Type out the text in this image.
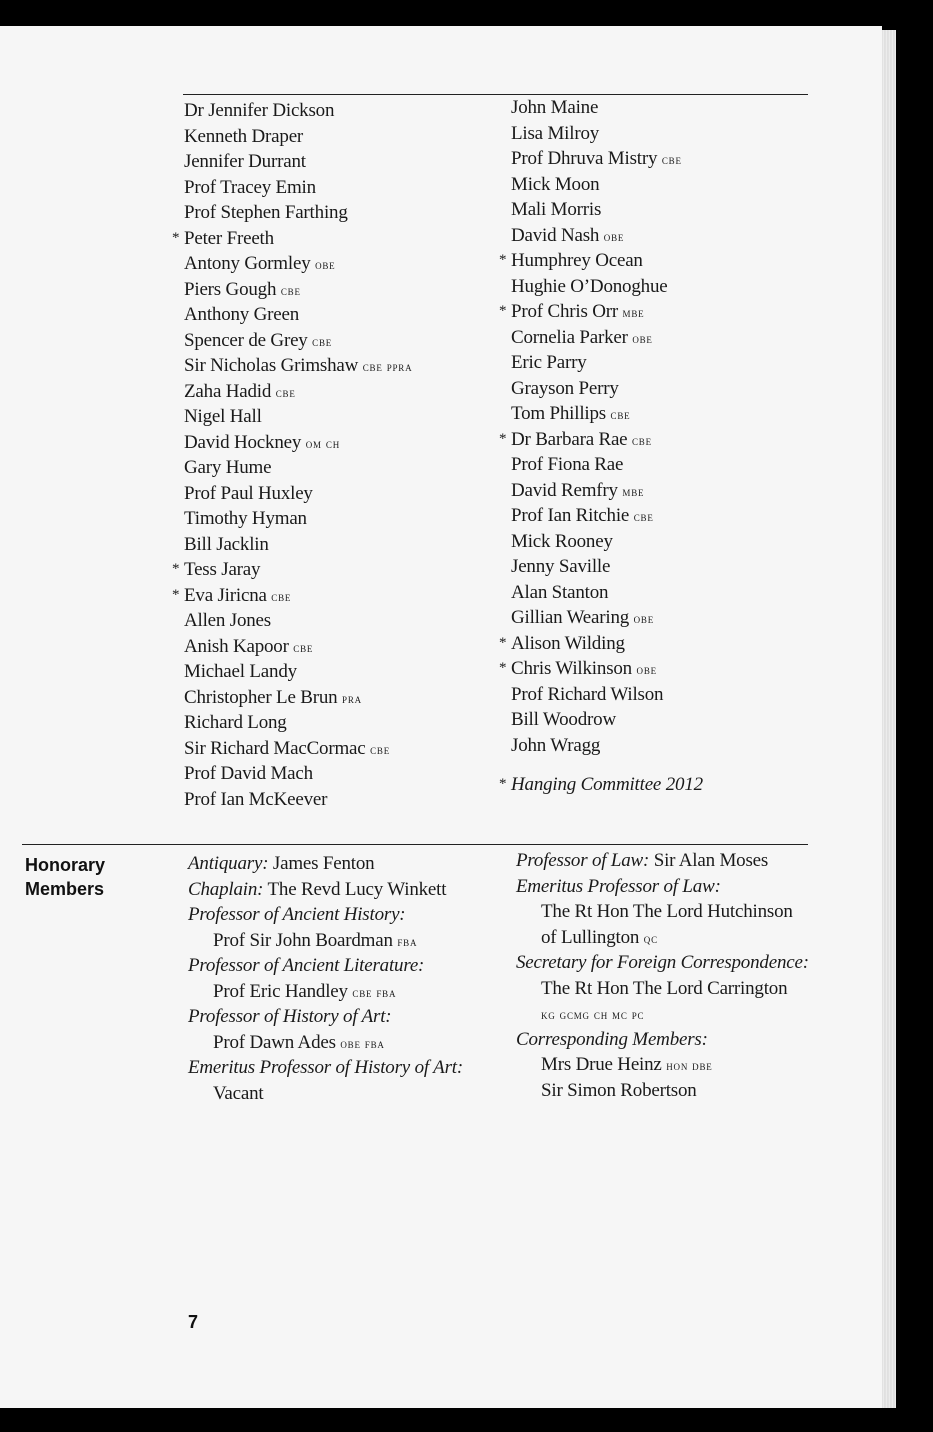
Dr Jennifer Dickson
Kenneth Draper
Jennifer Durrant
Prof Tracey Emin
Prof Stephen Farthing
* Peter Freeth
Antony Gormley obe
Piers Gough cbe
Anthony Green
Spencer de Grey cbe
Sir Nicholas Grimshaw cbe ppra
Zaha Hadid cbe
Nigel Hall
David Hockney om ch
Gary Hume
Prof Paul Huxley
Timothy Hyman
Bill Jacklin
* Tess Jaray
* Eva Jiricna cbe
Allen Jones
Anish Kapoor cbe
Michael Landy
Christopher Le Brun pra
Richard Long
Sir Richard MacCormac cbe
Prof David Mach
Prof Ian McKeever
John Maine
Lisa Milroy
Prof Dhruva Mistry cbe
Mick Moon
Mali Morris
David Nash obe
* Humphrey Ocean
Hughie O’Donoghue
* Prof Chris Orr mbe
Cornelia Parker obe
Eric Parry
Grayson Perry
Tom Phillips cbe
* Dr Barbara Rae cbe
Prof Fiona Rae
David Remfry mbe
Prof Ian Ritchie cbe
Mick Rooney
Jenny Saville
Alan Stanton
Gillian Wearing obe
* Alison Wilding
* Chris Wilkinson obe
Prof Richard Wilson
Bill Woodrow
John Wragg
* Hanging Committee 2012
Honorary
Members
Antiquary: James Fenton
Chaplain: The Revd Lucy Winkett
Professor of Ancient History:
Prof Sir John Boardman fba
Professor of Ancient Literature:
Prof Eric Handley cbe fba
Professor of History of Art:
Prof Dawn Ades obe fba
Emeritus Professor of History of Art:
Vacant
Professor of Law: Sir Alan Moses
Emeritus Professor of Law:
The Rt Hon The Lord Hutchinson
of Lullington qc
Secretary for Foreign Correspondence:
The Rt Hon The Lord Carrington
kg gcmg ch mc pc
Corresponding Members:
Mrs Drue Heinz hon dbe
Sir Simon Robertson
7
